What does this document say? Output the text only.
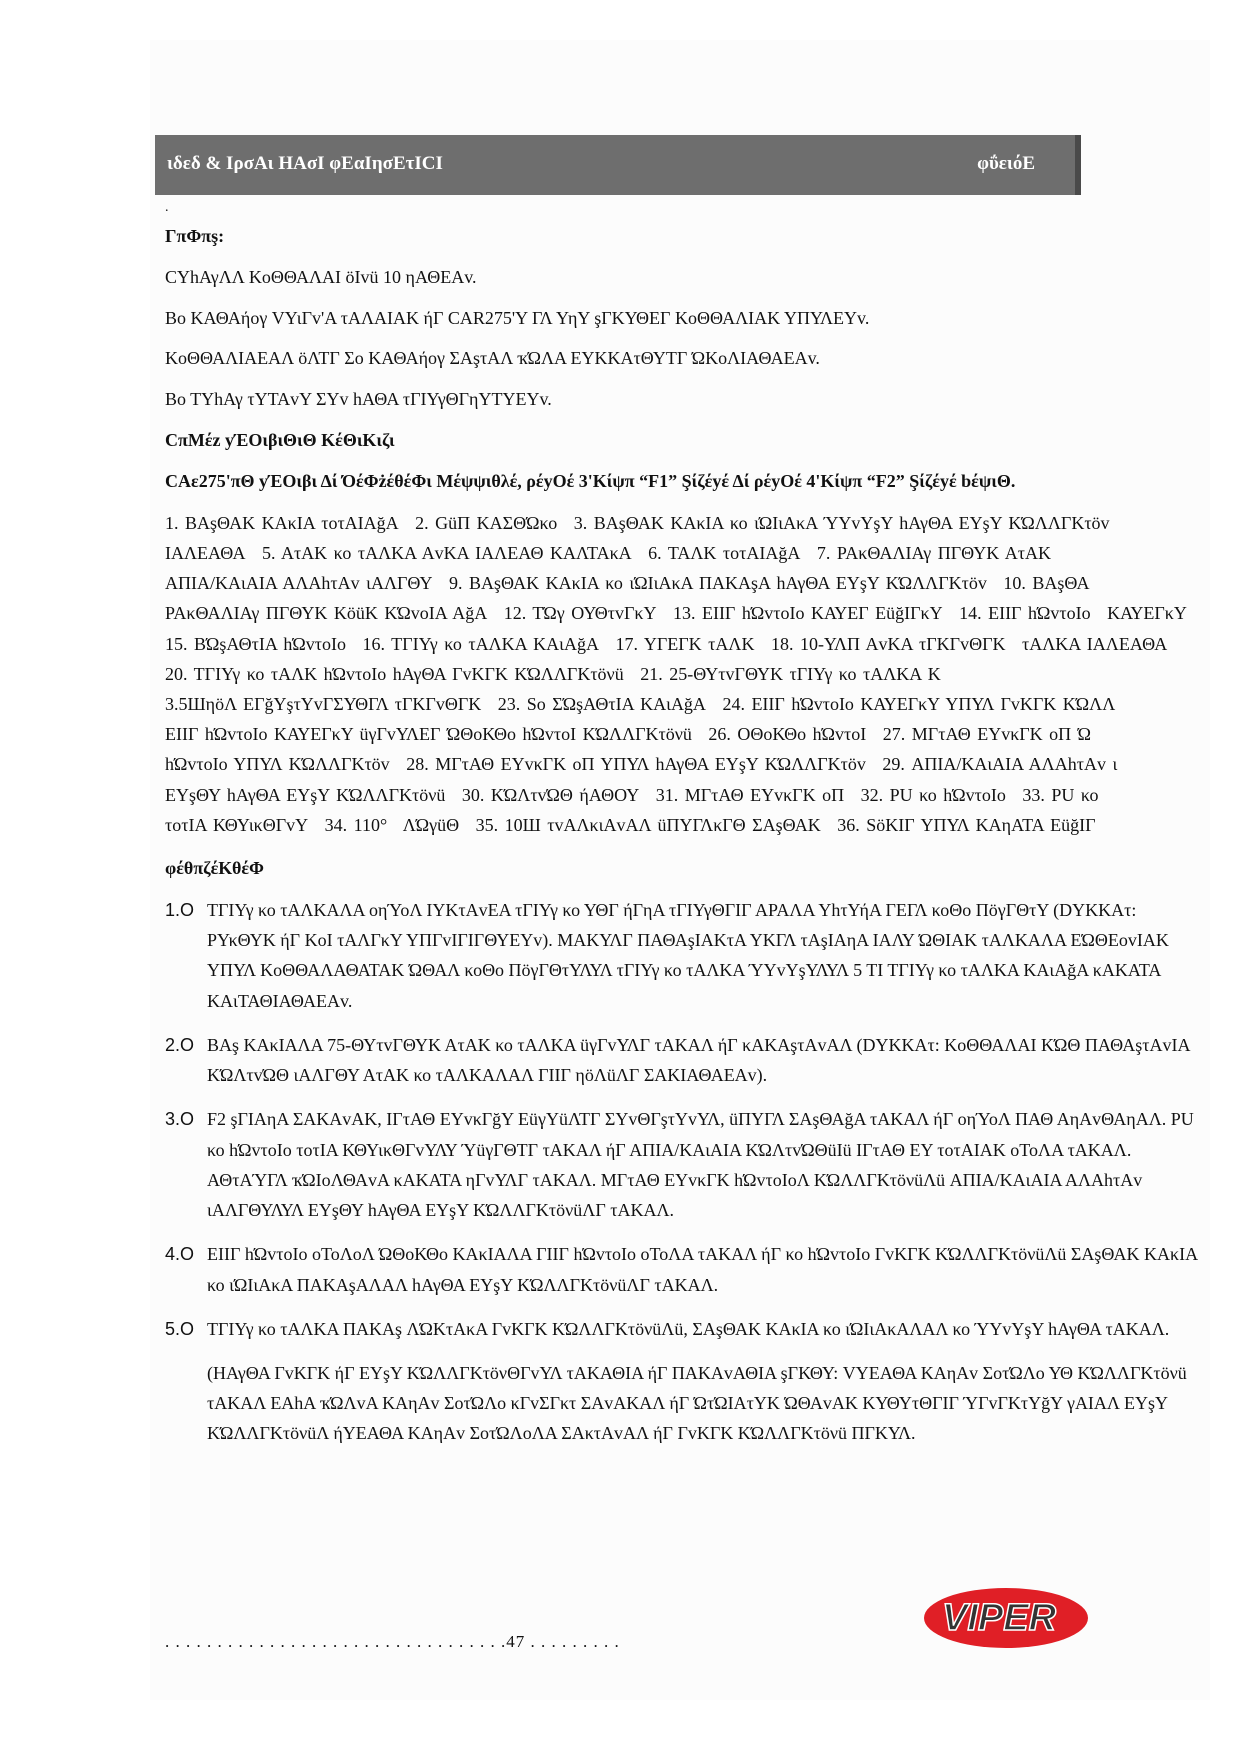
ιδεδ & ΙρσΑι ΗΑσΙ φΕαΙησΕτΙCΙ	φΰειόΕ
.

ΓπΦπş:

CΥhΑγΛΛ ΚοΘΘΑΛΑΙ öΙvü 10 ηΑΘΕΑv.

Βο ΚΑΘΑήογ VΥιΓv'Α τΑΛΑΙΑΚ ήΓ CAR275'Υ ΓΛ ΥηΥ şΓΚΥΘΕΓ ΚοΘΘΑΛΙΑΚ ΥΠΥΛΕΥv.

ΚοΘΘΑΛΙΑΕΑΛ öΛΤΓ Σο ΚΑΘΑήογ ΣΑşτΑΛ ҡΏΛΑ ΕΥΚΚΑτΘΥΤΓ ΏΚοΛΙΑΘΑΕΑv.

Βο ΤΥhΑγ τΥΤΑvΥ ΣΥv hΑΘΑ τΓΙΥγΘΓηΥΤΥΕΥv.

CπΜέz yΈΟιβιΘιΘ ΚέΘιΚιζι

CΑε275'πΘ yΈΟιβι Δί ΌέΦżέθέΦι Μέψψιθλέ, ρέyΟέ 3'Κίψπ “F1” Şίζέyέ Δί ρέyΟέ 4'Κίψπ “F2” Şίζέyέ bέψιΘ.

1. ΒΑşΘΑΚ ΚΑκΙΑ τοτΑΙΑğΑ 2. GüΠ ΚΑΣΘΏκο 3. ΒΑşΘΑΚ ΚΑκΙΑ κο ιΏΙιΑκΑ ΎΥvΥşΥ hΑγΘΑ ΕΥşΥ ΚΏΛΛΓΚτöv ΙΑΛΕΑΘΑ 5. ΑτΑΚ κο τΑΛΚΑ ΑvΚΑ ΙΑΛΕΑΘ ΚΑΛΤΑκΑ 6. ΤΑΛΚ τοτΑΙΑğΑ 7. ΡΑκΘΑΛΙΑγ ΠΓΘΥΚ ΑτΑΚ ΑΠΙΑ/ΚΑιΑΙΑ ΑΛΑhτΑv ιΑΛΓΘΥ 9. ΒΑşΘΑΚ ΚΑκΙΑ κο ιΏΙιΑκΑ ΠΑΚΑşΑ hΑγΘΑ ΕΥşΥ ΚΏΛΛΓΚτöv 10. ΒΑşΘΑ ΡΑκΘΑΛΙΑγ ΠΓΘΥΚ ΚöüΚ ΚΏvοΙΑ ΑğΑ 12. ΤΏγ ΟΥΘτvΓκΥ 13. ΕΙΙΓ hΏvτοΙο ΚΑΥΕΓ ΕüğΙΓκΥ 14. ΕΙΙΓ hΏvτοΙο ΚΑΥΕΓκΥ 15. ΒΏşΑΘτΙΑ hΏvτοΙο 16. ΤΓΙΥγ κο τΑΛΚΑ ΚΑιΑğΑ 17. ΥΓΕΓΚ τΑΛΚ 18. 10-ΥΛΠ ΑvΚΑ τΓΚΓvΘΓΚ τΑΛΚΑ ΙΑΛΕΑΘΑ 20. ΤΓΙΥγ κο τΑΛΚ hΏvτοΙο hΑγΘΑ ΓvΚΓΚ ΚΏΛΛΓΚτöνü 21. 25-ΘΥτvΓΘΥΚ τΓΙΥγ κο τΑΛΚΑ Κ 3.5ШηöΛ ΕΓğΥşτΥvΓΣΥΘΓΛ τΓΚΓvΘΓΚ 23. Sο ΣΏşΑΘτΙΑ ΚΑιΑğΑ 24. ΕΙΙΓ hΏvτοΙο ΚΑΥΕΓκΥ ΥΠΥΛ ΓvΚΓΚ ΚΏΛΛ ΕΙΙΓ hΏvτοΙο ΚΑΥΕΓκΥ üγΓvΥΛΕΓ ΏΘοΚΘο hΏvτοΙ ΚΏΛΛΓΚτöνü 26. ΟΘοΚΘο hΏvτοΙ 27. ΜΓτΑΘ ΕΥvκΓΚ οΠ Ώ hΏvτοΙο ΥΠΥΛ ΚΏΛΛΓΚτöv 28. ΜΓτΑΘ ΕΥvκΓΚ οΠ ΥΠΥΛ hΑγΘΑ ΕΥşΥ ΚΏΛΛΓΚτöv 29. ΑΠΙΑ/ΚΑιΑΙΑ ΑΛΑhτΑv ι ΕΥşΘΥ hΑγΘΑ ΕΥşΥ ΚΏΛΛΓΚτöνü 30. ΚΏΛτvΏΘ ήΑΘΟΥ 31. ΜΓτΑΘ ΕΥvκΓΚ οΠ 32. PU κο hΏvτοΙο 33. PU κο τοτΙΑ ΚΘΥικΘΓvΥ 34. 110° ΛΏγüΘ 35. 10Ш τvΑΛκιΑvΑΛ üΠΥΓΛκΓΘ ΣΑşΘΑΚ 36. SöΚΙΓ ΥΠΥΛ ΚΑηΑΤΑ ΕüğΙΓ

φέθπζέΚθέΦ

1.O ΤΓΙΥγ κο τΑΛΚΑΛΑ οηΎοΛ ΙΥΚτΑvΕΑ τΓΙΥγ κο ΥΘΓ ήΓηΑ τΓΙΥγΘΓΙΓ ΑΡΑΛΑ ΥhτΥήΑ ΓΕΓΛ κοΘο ΠöγΓΘτΥ (DΥΚΚΑτ: ΡΥκΘΥΚ ήΓ ΚοΙ τΑΛΓκΥ ΥΠΓvΙΓΙΓΘΥΕΥv). ΜΑΚΥΛΓ ΠΑΘΑşΙΑΚτΑ ΥΚΓΛ τΑşΙΑηΑ ΙΑΛΥ ΏΘΙΑΚ τΑΛΚΑΛΑ ΕΏΘΕοvΙΑΚ ΥΠΥΛ ΚοΘΘΑΛΑΘΑΤΑΚ ΏΘΑΛ κοΘο ΠöγΓΘτΥΛΥΛ τΓΙΥγ κο τΑΛΚΑ ΎΥvΥşΥΛΥΛ 5 ΤΙ ΤΓΙΥγ κο τΑΛΚΑ ΚΑιΑğΑ κΑΚΑΤΑ ΚΑιΤΑΘΙΑΘΑΕΑv.
2.O ΒΑş ΚΑκΙΑΛΑ 75-ΘΥτvΓΘΥΚ ΑτΑΚ κο τΑΛΚΑ üγΓvΥΛΓ τΑΚΑΛ ήΓ κΑΚΑşτΑvΑΛ (DΥΚΚΑτ: ΚοΘΘΑΛΑΙ ΚΏΘ ΠΑΘΑşτΑvΙΑ ΚΏΛτvΏΘ ιΑΛΓΘΥ ΑτΑΚ κο τΑΛΚΑΛΑΛ ΓΙΙΓ ηöΛüΛΓ ΣΑΚΙΑΘΑΕΑv).
3.O F2 şΓΙΑηΑ ΣΑΚΑvΑΚ, ΙΓτΑΘ ΕΥvκΓğΥ ΕüγΥüΛΤΓ ΣΥvΘΓşτΥvΥΛ, üΠΥΓΛ ΣΑşΘΑğΑ τΑΚΑΛ ήΓ οηΎοΛ ΠΑΘ ΑηΑvΘΑηΑΛ. PU κο hΏvτοΙο τοτΙΑ ΚΘΥικΘΓvΥΛΥ ΎüγΓΘΤΓ τΑΚΑΛ ήΓ ΑΠΙΑ/ΚΑιΑΙΑ ΚΏΛτvΏΘüΙü ΙΓτΑΘ ΕΥ τοτΑΙΑΚ οΤοΛΑ τΑΚΑΛ. ΑΘτΑΎΓΛ ҡΏΙοΛΘΑvΑ κΑΚΑΤΑ ηΓvΥΛΓ τΑΚΑΛ. ΜΓτΑΘ ΕΥvκΓΚ hΏvτοΙοΛ ΚΏΛΛΓΚτöνüΛü ΑΠΙΑ/ΚΑιΑΙΑ ΑΛΑhτΑv ιΑΛΓΘΥΛΥΛ ΕΥşΘΥ hΑγΘΑ ΕΥşΥ ΚΏΛΛΓΚτöνüΛΓ τΑΚΑΛ.
4.O ΕΙΙΓ hΏvτοΙο οΤοΛοΛ ΏΘοΚΘο ΚΑκΙΑΛΑ ΓΙΙΓ hΏvτοΙο οΤοΛΑ τΑΚΑΛ ήΓ κο hΏvτοΙο ΓvΚΓΚ ΚΏΛΛΓΚτöνüΛü ΣΑşΘΑΚ ΚΑκΙΑ κο ιΏΙιΑκΑ ΠΑΚΑşΑΛΑΛ hΑγΘΑ ΕΥşΥ ΚΏΛΛΓΚτöνüΛΓ τΑΚΑΛ.
5.O ΤΓΙΥγ κο τΑΛΚΑ ΠΑΚΑş ΛΏΚτΑκΑ ΓvΚΓΚ ΚΏΛΛΓΚτöνüΛü, ΣΑşΘΑΚ ΚΑκΙΑ κο ιΏΙιΑκΑΛΑΛ κο ΎΥvΥşΥ hΑγΘΑ τΑΚΑΛ.
(ΗΑγΘΑ ΓvΚΓΚ ήΓ ΕΥşΥ ΚΏΛΛΓΚτöνΘΓvΥΛ τΑΚΑΘΙΑ ήΓ ΠΑΚΑvΑΘΙΑ şΓΚΘΥ: VΥΕΑΘΑ ΚΑηΑv ΣοτΏΛο ΥΘ ΚΏΛΛΓΚτöνü τΑΚΑΛ ΕΑhΑ ҡΏΛvΑ ΚΑηΑv ΣοτΏΛο κΓvΣΓκτ ΣΑvΑΚΑΛ ήΓ ΏτΏΙΑτΥΚ ΏΘΑvΑΚ ΚΥΘΥτΘΓΙΓ ΎΓvΓΚτΥğΥ γΑΙΑΛ ΕΥşΥ ΚΏΛΛΓΚτöνüΛ ήΥΕΑΘΑ ΚΑηΑv ΣοτΏΛοΛΑ ΣΑκτΑvΑΛ ήΓ ΓvΚΓΚ ΚΏΛΛΓΚτöνü ΠΓΚΥΛ.
. . . . . . . . . . . . . . . . . . . . . . . . . . . . . . . . .47 . . . . . . . . .
VIPER
